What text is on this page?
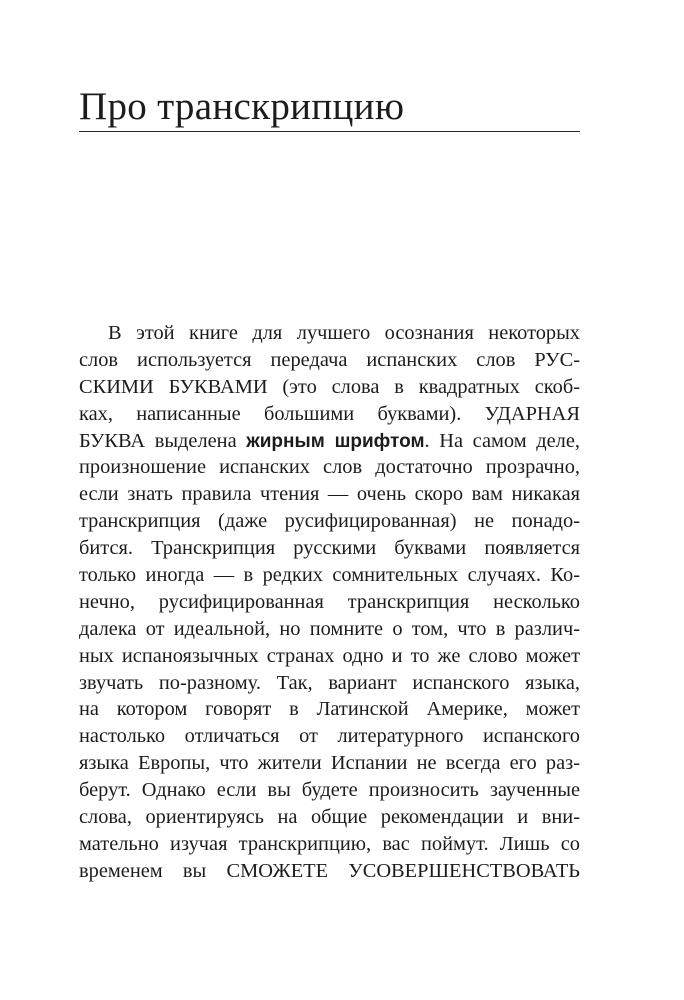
Про транскрипцию
В этой книге для лучшего осознания некоторых
слов используется передача испанских слов РУС-
СКИМИ БУКВАМИ (это слова в квадратных скоб-
ках, написанные большими буквами). УДАРНАЯ
БУКВА выделена жирным шрифтом. На самом деле,
произношение испанских слов достаточно прозрачно,
если знать правила чтения — очень скоро вам никакая
транскрипция (даже русифицированная) не понадо-
бится. Транскрипция русскими буквами появляется
только иногда — в редких сомнительных случаях. Ко-
нечно, русифицированная транскрипция несколько
далека от идеальной, но помните о том, что в различ-
ных испаноязычных странах одно и то же слово может
звучать по-разному. Так, вариант испанского языка,
на котором говорят в Латинской Америке, может
настолько отличаться от литературного испанского
языка Европы, что жители Испании не всегда его раз-
берут. Однако если вы будете произносить заученные
слова, ориентируясь на общие рекомендации и вни-
мательно изучая транскрипцию, вас поймут. Лишь со
временем вы СМОЖЕТЕ УСОВЕРШЕНСТВОВАТЬ
